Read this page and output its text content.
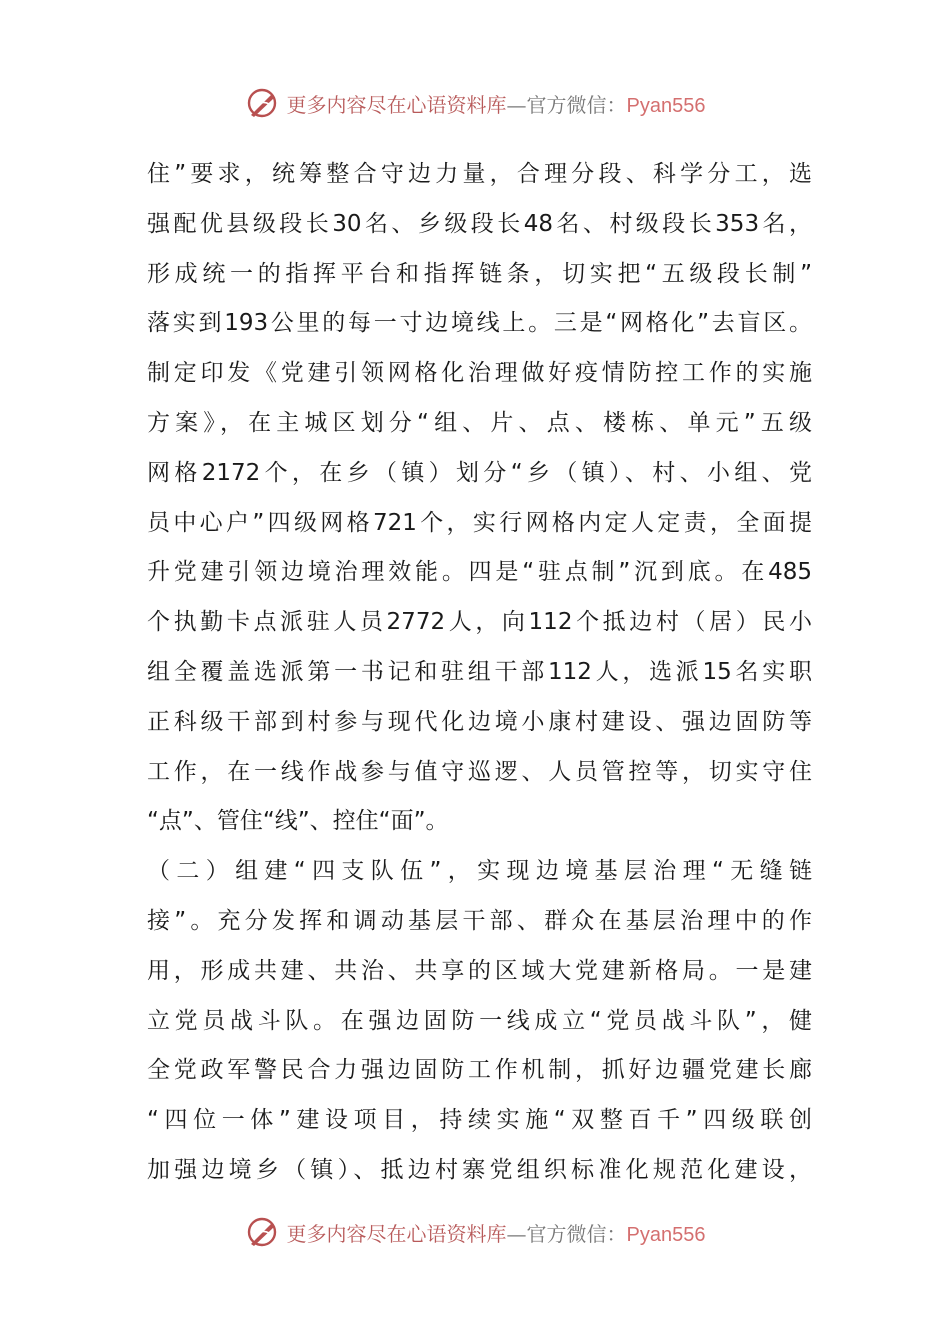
更多内容尽在心语资料库—官方微信：Pyan556
住”要求，统筹整合守边力量，合理分段、科学分工，选
强配优县级段长30名、乡级段长48名、村级段长353名，
形成统一的指挥平台和指挥链条，切实把“五级段长制”
落实到193公里的每一寸边境线上。三是“网格化”去盲区。
制定印发《党建引领网格化治理做好疫情防控工作的实施
方案》，在主城区划分“组、片、点、楼栋、单元”五级
网格2172个，在乡（镇）划分“乡（镇）、村、小组、党
员中心户”四级网格721个，实行网格内定人定责，全面提
升党建引领边境治理效能。四是“驻点制”沉到底。在485
个执勤卡点派驻人员2772人，向112个抵边村（居）民小
组全覆盖选派第一书记和驻组干部112人，选派15名实职
正科级干部到村参与现代化边境小康村建设、强边固防等
工作，在一线作战参与值守巡逻、人员管控等，切实守住
“点”、管住“线”、控住“面”。
（二）组建“四支队伍”，实现边境基层治理“无缝链
接”。充分发挥和调动基层干部、群众在基层治理中的作
用，形成共建、共治、共享的区域大党建新格局。一是建
立党员战斗队。在强边固防一线成立“党员战斗队”，健
全党政军警民合力强边固防工作机制，抓好边疆党建长廊
“四位一体”建设项目，持续实施“双整百千”四级联创
加强边境乡（镇）、抵边村寨党组织标准化规范化建设，
更多内容尽在心语资料库—官方微信：Pyan556
